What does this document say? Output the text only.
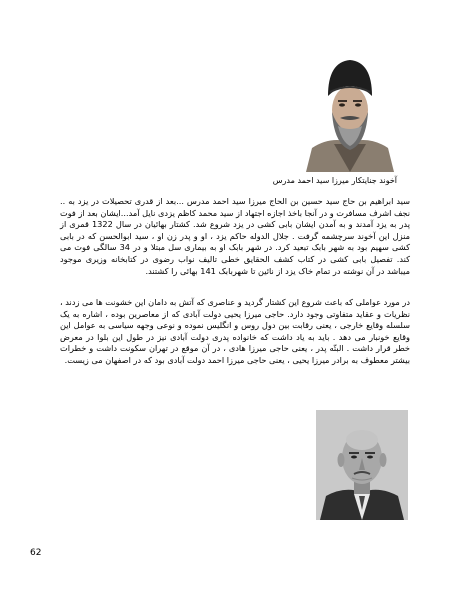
آخوند جنایتکار میرزا سید احمد مدرس

سید ابراهیم بن حاج سید حسین بن الحاج میرزا سید احمد مدرس ...بعد از قدری تحصیلات در یزد به .. نجف اشرف مسافرت و در آنجا باخذ اجازه اجتهاد از سید محمد کاظم یزدی نایل آمد...ایشان بعد از فوت پدر به یزد آمدند و به آمدن ایشان بابی کشی در یزد شروع شد. کشتار بهائیان در سال 1322 قمری از منزل این آخوند سرچشمه گرفت . جلال الدوله حاکم یزد ، او و پدر زن او ، سید ابوالحسن که در بابی کشی سهیم بود به شهر بابک تبعید کرد. در شهر بابک او به بیماری سل مبتلا و در 34 سالگی فوت می کند. تفصیل بابی کشی در کتاب کشف الحقایق خطی تالیف نواب رضوی در کتابخانه وزیری موجود میباشد در آن نوشته در تمام خاک یزد از نائین تا شهربابک 141 بهائی را کشتند.

در مورد عواملی که باعث شروع این کشتار گردید و عناصری که آتش به دامان این خشونت ها می زدند ، نظریات و عقاید متفاوتی وجود دارد. حاجی میرزا یحیی دولت آبادی که از معاصرین بوده ، اشاره به یک سلسله وقایع خارجی ، یعنی رقابت بین دول روس و انگلیس نموده و نوعی وجهه سیاسی به عوامل این وقایع خونبار می دهد . باید به یاد داشت که خانواده پدری دولت آبادی نیز در طول این بلوا در معرض خطر قرار داشت . البتّه پدر ، یعنی حاجی میرزا هادی ، در آن موقع در تهران سکونت داشت و خطرات بیشتر معطوف به برادر میرزا یحیی ، یعنی حاجی میرزا احمد دولت آبادی بود که در اصفهان می زیست.

62
